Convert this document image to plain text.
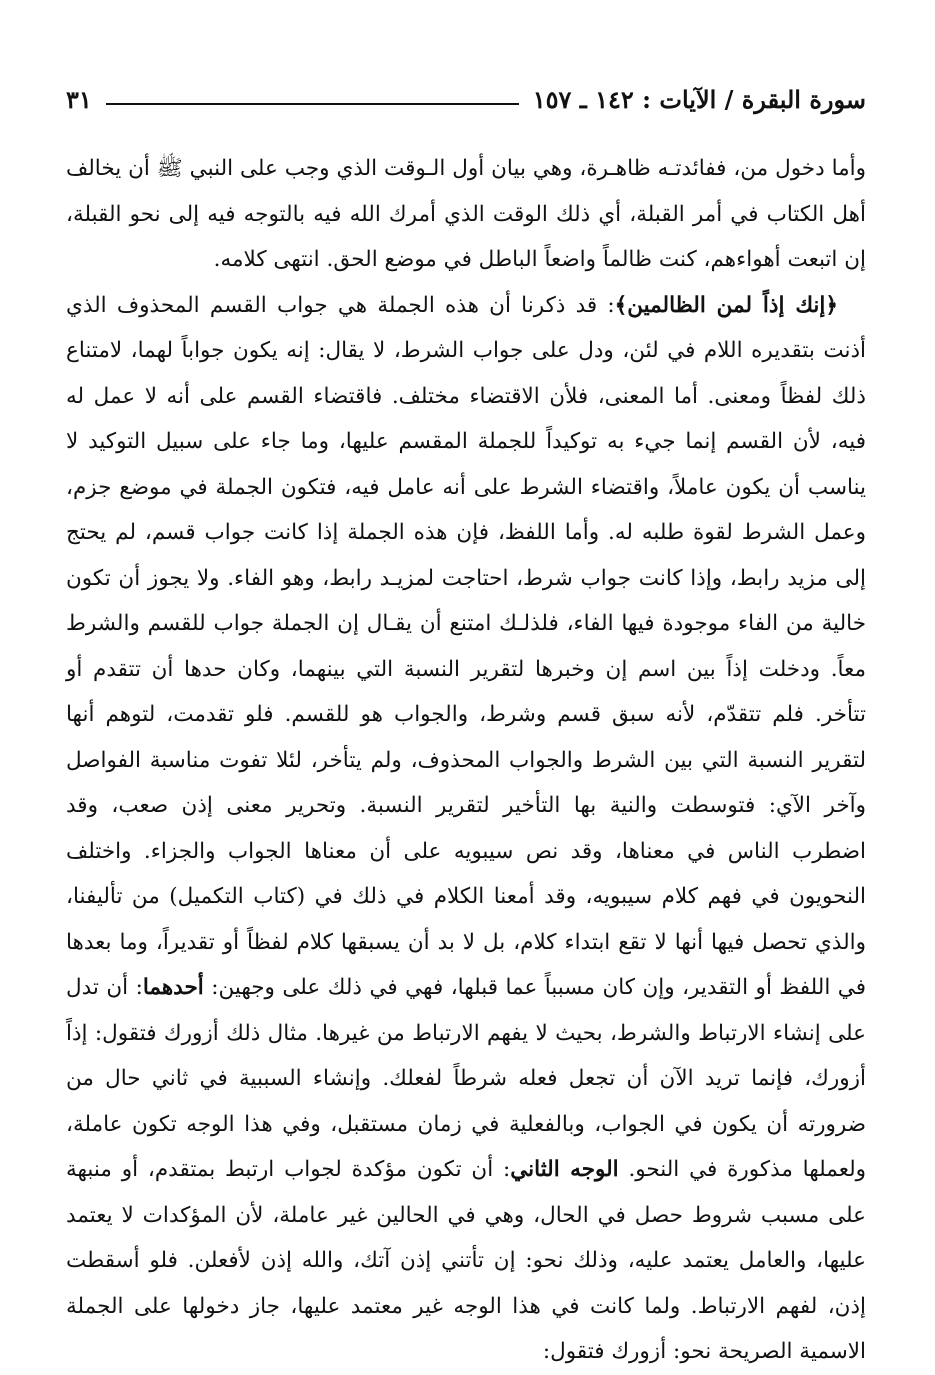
سورة البقرة / الآيات : ١٤٢ ـ ١٥٧
٣١

وأما دخول من، ففائدتـه ظاهـرة، وهي بيان أول الـوقت الذي وجب على النبي ﷺ أن يخالف أهل الكتاب في أمر القبلة، أي ذلك الوقت الذي أمرك الله فيه بالتوجه فيه إلى نحو القبلة، إن اتبعت أهواءهم، كنت ظالماً واضعاً الباطل في موضع الحق. انتهى كلامه.

﴿إنك إذاً لمن الظالمين﴾: قد ذكرنا أن هذه الجملة هي جواب القسم المحذوف الذي أذنت بتقديره اللام في لئن، ودل على جواب الشرط، لا يقال: إنه يكون جواباً لهما، لامتناع ذلك لفظاً ومعنى. أما المعنى، فلأن الاقتضاء مختلف. فاقتضاء القسم على أنه لا عمل له فيه، لأن القسم إنما جيء به توكيداً للجملة المقسم عليها، وما جاء على سبيل التوكيد لا يناسب أن يكون عاملاً، واقتضاء الشرط على أنه عامل فيه، فتكون الجملة في موضع جزم، وعمل الشرط لقوة طلبه له. وأما اللفظ، فإن هذه الجملة إذا كانت جواب قسم، لم يحتج إلى مزيد رابط، وإذا كانت جواب شرط، احتاجت لمزيـد رابط، وهو الفاء. ولا يجوز أن تكون خالية من الفاء موجودة فيها الفاء، فلذلـك امتنع أن يقـال إن الجملة جواب للقسم والشرط معاً. ودخلت إذاً بين اسم إن وخبرها لتقرير النسبة التي بينهما، وكان حدها أن تتقدم أو تتأخر. فلم تتقدّم، لأنه سبق قسم وشرط، والجواب هو للقسم. فلو تقدمت، لتوهم أنها لتقرير النسبة التي بين الشرط والجواب المحذوف، ولم يتأخر، لئلا تفوت مناسبة الفواصل وآخر الآي: فتوسطت والنية بها التأخير لتقرير النسبة. وتحرير معنى إذن صعب، وقد اضطرب الناس في معناها، وقد نص سيبويه على أن معناها الجواب والجزاء. واختلف النحويون في فهم كلام سيبويه، وقد أمعنا الكلام في ذلك في (كتاب التكميل) من تأليفنا، والذي تحصل فيها أنها لا تقع ابتداء كلام، بل لا بد أن يسبقها كلام لفظاً أو تقديراً، وما بعدها في اللفظ أو التقدير، وإن كان مسبباً عما قبلها، فهي في ذلك على وجهين: أحدهما: أن تدل على إنشاء الارتباط والشرط، بحيث لا يفهم الارتباط من غيرها. مثال ذلك أزورك فتقول: إذاً أزورك، فإنما تريد الآن أن تجعل فعله شرطاً لفعلك. وإنشاء السببية في ثاني حال من ضرورته أن يكون في الجواب، وبالفعلية في زمان مستقبل، وفي هذا الوجه تكون عاملة، ولعملها مذكورة في النحو. الوجه الثاني: أن تكون مؤكدة لجواب ارتبط بمتقدم، أو منبهة على مسبب شروط حصل في الحال، وهي في الحالين غير عاملة، لأن المؤكدات لا يعتمد عليها، والعامل يعتمد عليه، وذلك نحو: إن تأتني إذن آتك، والله إذن لأفعلن. فلو أسقطت إذن، لفهم الارتباط. ولما كانت في هذا الوجه غير معتمد عليها، جاز دخولها على الجملة الاسمية الصريحة نحو: أزورك فتقول:
